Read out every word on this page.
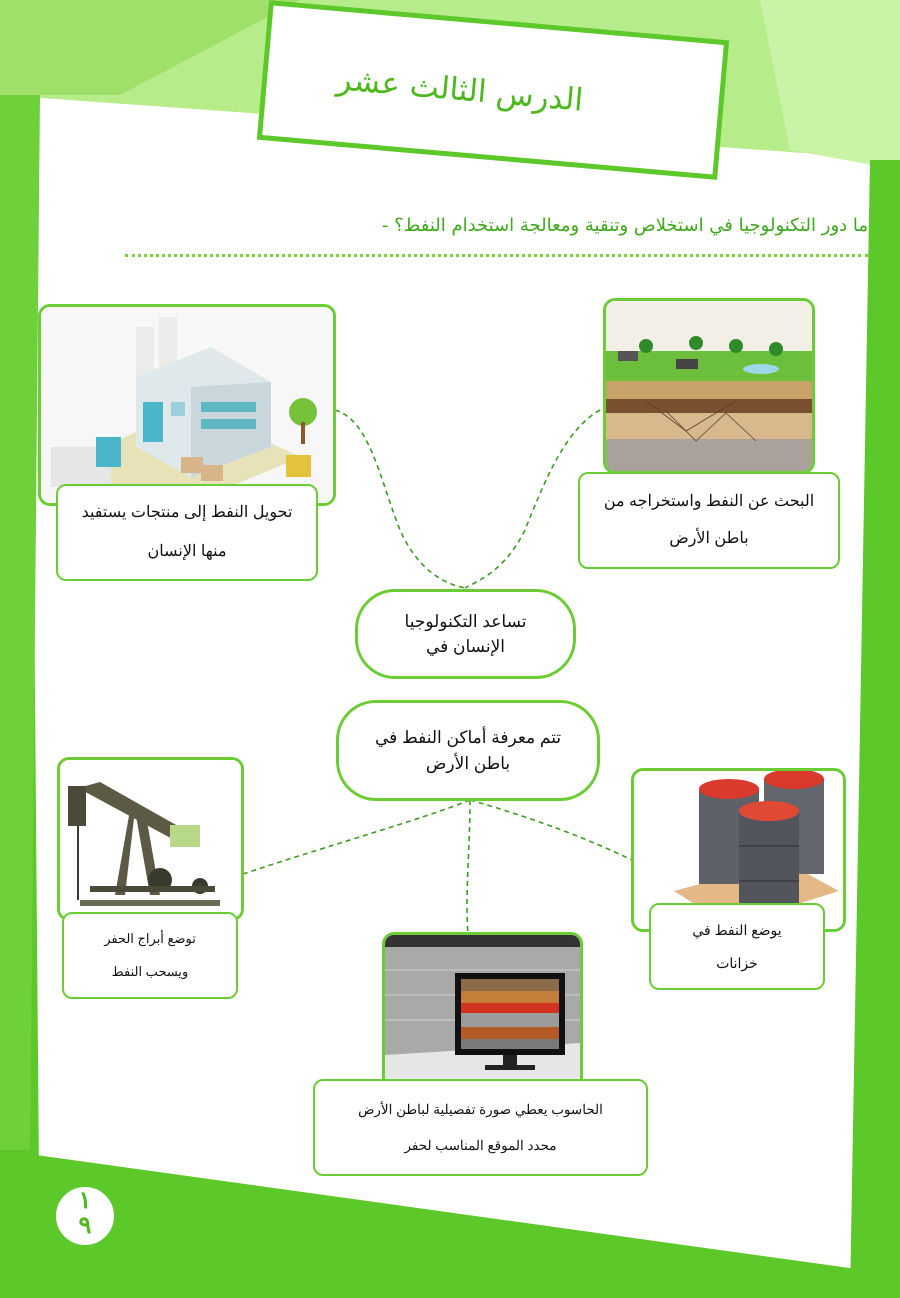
الدرس الثالث عشر
ما دور التكنولوجيا في استخلاص وتنقية ومعالجة استخدام النفط؟ -
تحويل النفط إلى منتجات يستفيد
منها الإنسان
البحث عن النفط واستخراجه من
باطن الأرض
تساعد التكنولوجيا
الإنسان في
تتم معرفة أماكن النفط في
باطن الأرض
توضع أبراج الحفر
ويسحب النفط
يوضع النفط في
خزانات
الحاسوب يعطي صورة تفصيلية لباطن الأرض
محدد الموقع المناسب لحفر
١
٩
